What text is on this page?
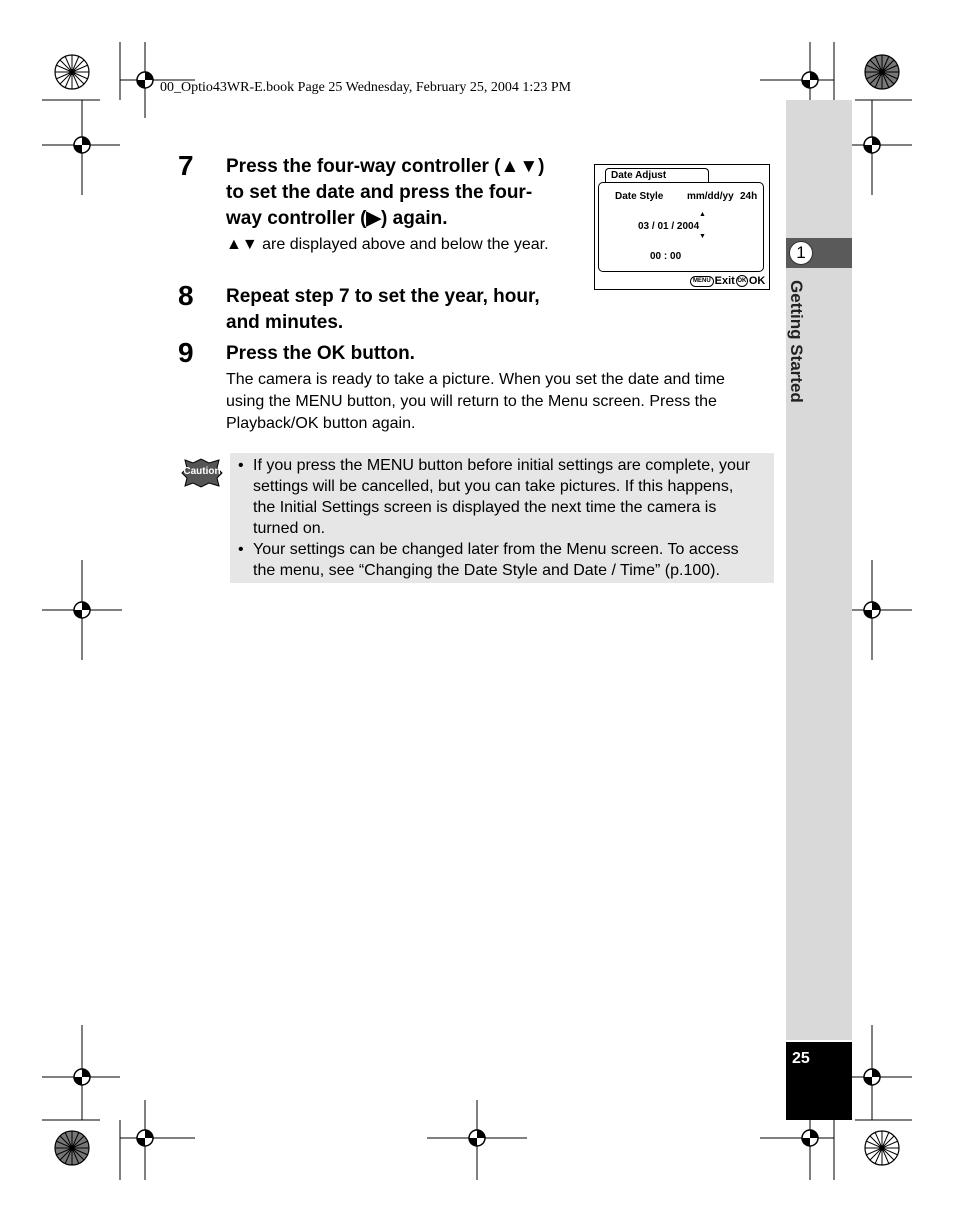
00_Optio43WR-E.book Page 25 Wednesday, February 25, 2004 1:23 PM
1
Getting Started
25
7 Press the four-way controller (▲▼)
to set the date and press the four-
way controller (▶) again.
▲▼ are displayed above and below the year.
Date Adjust
Date Style mm/dd/yy 24h
▲
03 / 01 / 2004
▼
00 : 00
MENU Exit OK OK
8 Repeat step 7 to set the year, hour,
and minutes.
9 Press the OK button.
The camera is ready to take a picture. When you set the date and time
using the MENU button, you will return to the Menu screen. Press the
Playback/OK button again.
Caution • If you press the MENU button before initial settings are complete, your
settings will be cancelled, but you can take pictures. If this happens,
the Initial Settings screen is displayed the next time the camera is
turned on.
• Your settings can be changed later from the Menu screen. To access
the menu, see “Changing the Date Style and Date / Time” (p.100).
